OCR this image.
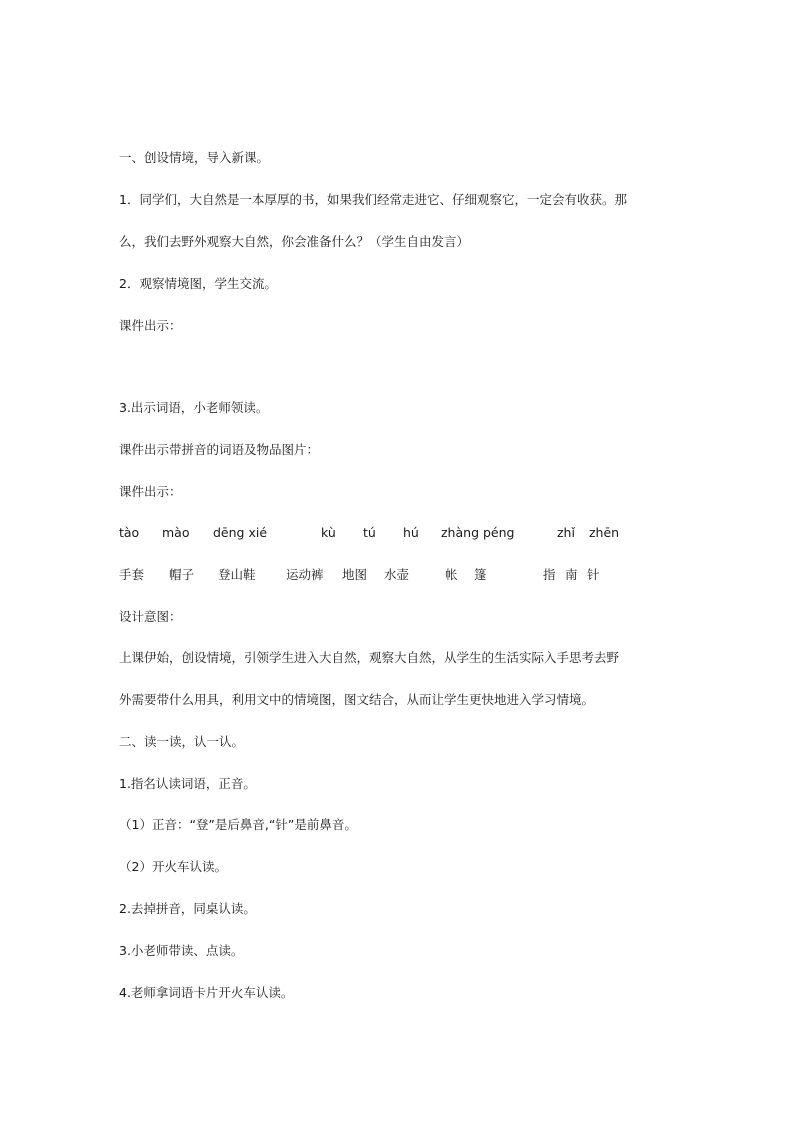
一、创设情境，导入新课。
1．同学们，大自然是一本厚厚的书，如果我们经常走进它、仔细观察它，一定会有收获。那
么，我们去野外观察大自然，你会准备什么？（学生自由发言）
2．观察情境图，学生交流。
课件出示：
3.出示词语，小老师领读。
课件出示带拼音的词语及物品图片：
课件出示：
tào mào dēng xié	kù tú hú zhàng péng	zhǐ zhēn
手套 帽子 登山鞋 运动裤 地图 水壶	帐 篷	指 南 针
设计意图：
上课伊始，创设情境，引领学生进入大自然，观察大自然，从学生的生活实际入手思考去野
外需要带什么用具，利用文中的情境图，图文结合，从而让学生更快地进入学习情境。
二、读一读，认一认。
1.指名认读词语，正音。
（1）正音：“登”是后鼻音,“针”是前鼻音。
（2）开火车认读。
2.去掉拼音，同桌认读。
3.小老师带读、点读。
4.老师拿词语卡片开火车认读。
